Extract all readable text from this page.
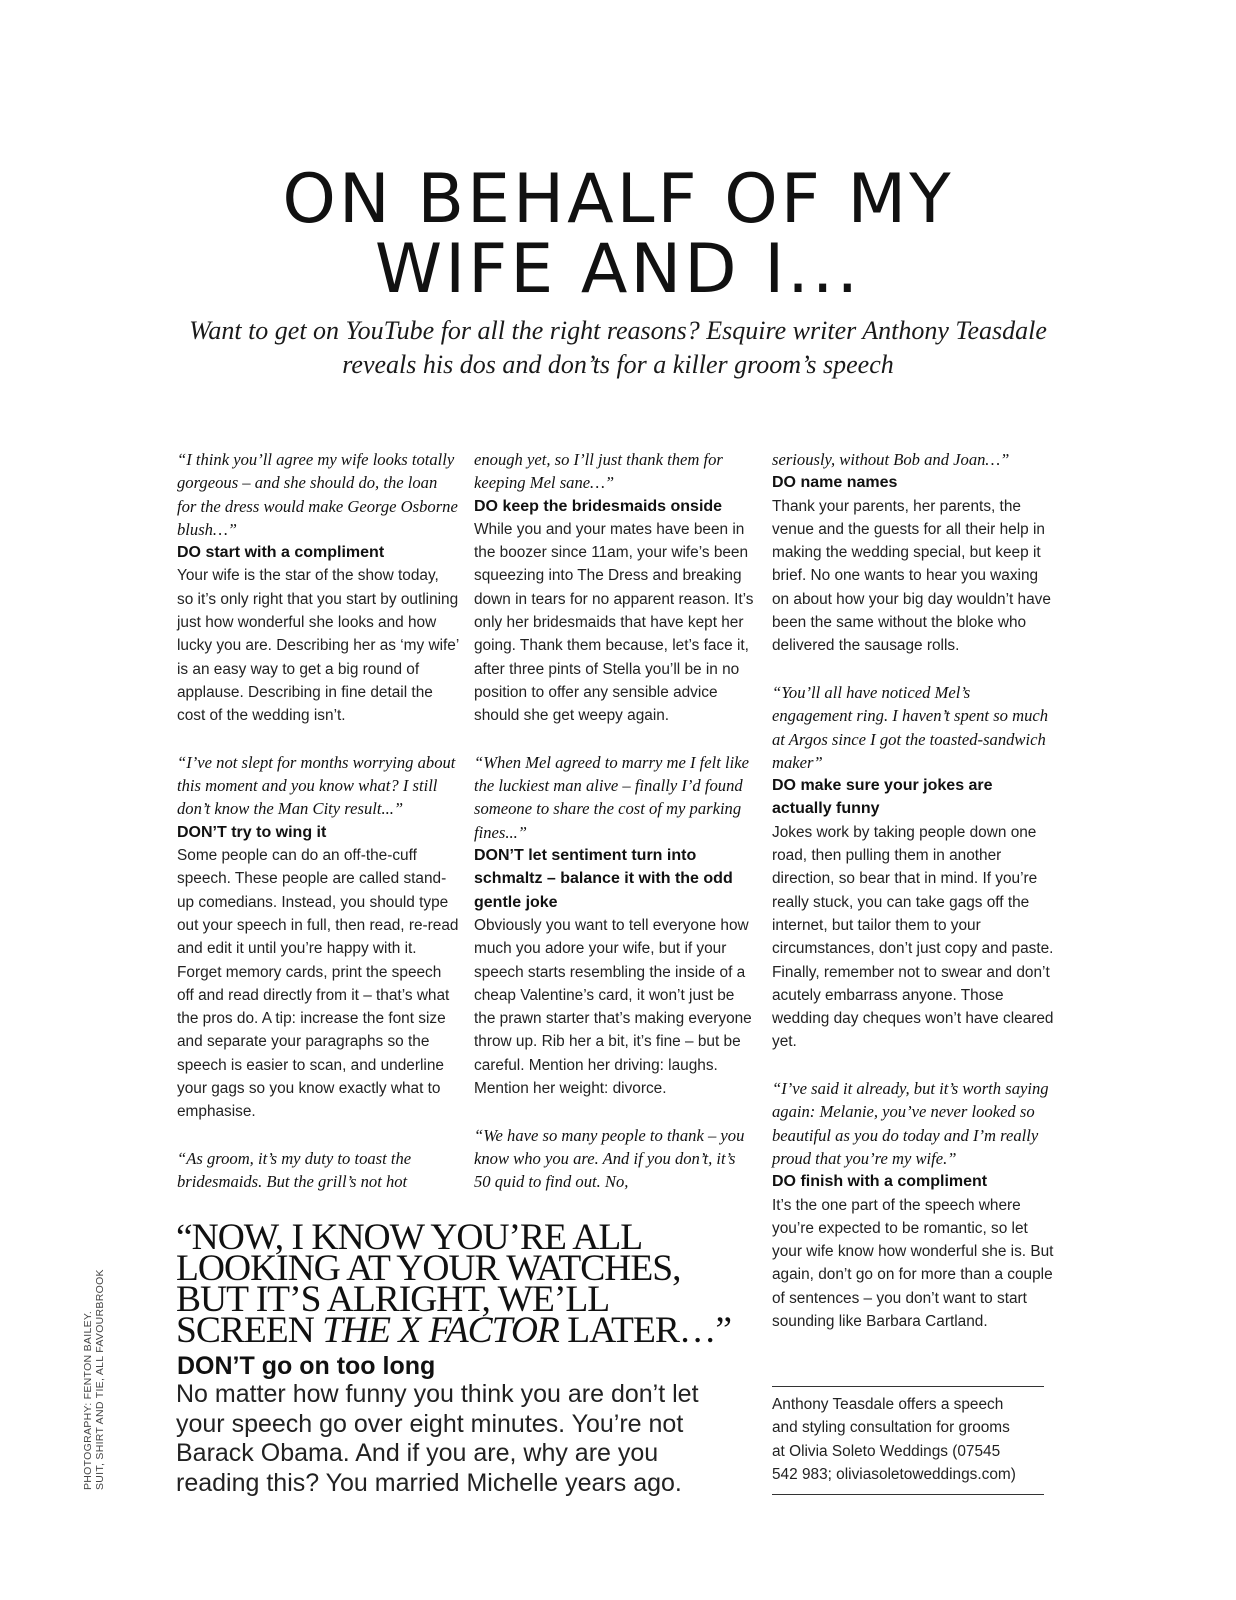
ON BEHALF OF MY
WIFE AND I...

Want to get on YouTube for all the right reasons? Esquire writer Anthony Teasdale
reveals his dos and don’ts for a killer groom’s speech

“I think you’ll agree my wife looks totally gorgeous – and she should do, the loan for the dress would make George Osborne blush…”

DO start with a compliment

Your wife is the star of the show today, so it’s only right that you start by outlining just how wonderful she looks and how lucky you are. Describing her as ‘my wife’ is an easy way to get a big round of applause. Describing in fine detail the cost of the wedding isn’t.

“I’ve not slept for months worrying about this moment and you know what? I still don’t know the Man City result...”

DON’T try to wing it

Some people can do an off-the-cuff speech. These people are called stand-up comedians. Instead, you should type out your speech in full, then read, re-read and edit it until you’re happy with it. Forget memory cards, print the speech off and read directly from it – that’s what the pros do. A tip: increase the font size and separate your paragraphs so the speech is easier to scan, and underline your gags so you know exactly what to emphasise.

“As groom, it’s my duty to toast the bridesmaids. But the grill’s not hot

enough yet, so I’ll just thank them for keeping Mel sane…”

DO keep the bridesmaids onside

While you and your mates have been in the boozer since 11am, your wife’s been squeezing into The Dress and breaking down in tears for no apparent reason. It’s only her bridesmaids that have kept her going. Thank them because, let’s face it, after three pints of Stella you’ll be in no position to offer any sensible advice should she get weepy again.

“When Mel agreed to marry me I felt like the luckiest man alive – finally I’d found someone to share the cost of my parking fines...”

DON’T let sentiment turn into schmaltz – balance it with the odd gentle joke

Obviously you want to tell everyone how much you adore your wife, but if your speech starts resembling the inside of a cheap Valentine’s card, it won’t just be the prawn starter that’s making everyone throw up. Rib her a bit, it’s fine – but be careful. Mention her driving: laughs. Mention her weight: divorce.

“We have so many people to thank – you know who you are. And if you don’t, it’s 50 quid to find out. No,

seriously, without Bob and Joan…”

DO name names

Thank your parents, her parents, the venue and the guests for all their help in making the wedding special, but keep it brief. No one wants to hear you waxing on about how your big day wouldn’t have been the same without the bloke who delivered the sausage rolls.

“You’ll all have noticed Mel’s engagement ring. I haven’t spent so much at Argos since I got the toasted-sandwich maker”

DO make sure your jokes are actually funny

Jokes work by taking people down one road, then pulling them in another direction, so bear that in mind. If you’re really stuck, you can take gags off the internet, but tailor them to your circumstances, don’t just copy and paste. Finally, remember not to swear and don’t acutely embarrass anyone. Those wedding day cheques won’t have cleared yet.

“I’ve said it already, but it’s worth saying again: Melanie, you’ve never looked so beautiful as you do today and I’m really proud that you’re my wife.”

DO finish with a compliment

It’s the one part of the speech where you’re expected to be romantic, so let your wife know how wonderful she is. But again, don’t go on for more than a couple of sentences – you don’t want to start sounding like Barbara Cartland.

“NOW, I KNOW YOU’RE ALL
LOOKING AT YOUR WATCHES,
BUT IT’S ALRIGHT, WE’LL
SCREEN THE X FACTOR LATER…”

DON’T go on too long

No matter how funny you think you are don’t let
your speech go over eight minutes. You’re not
Barack Obama. And if you are, why are you
reading this? You married Michelle years ago.

Anthony Teasdale offers a speech
and styling consultation for grooms
at Olivia Soleto Weddings (07545
542 983; oliviasoletoweddings.com)
PHOTOGRAPHY: FENTON BAILEY. SUIT, SHIRT AND TIE, ALL FAVOURBROOK
